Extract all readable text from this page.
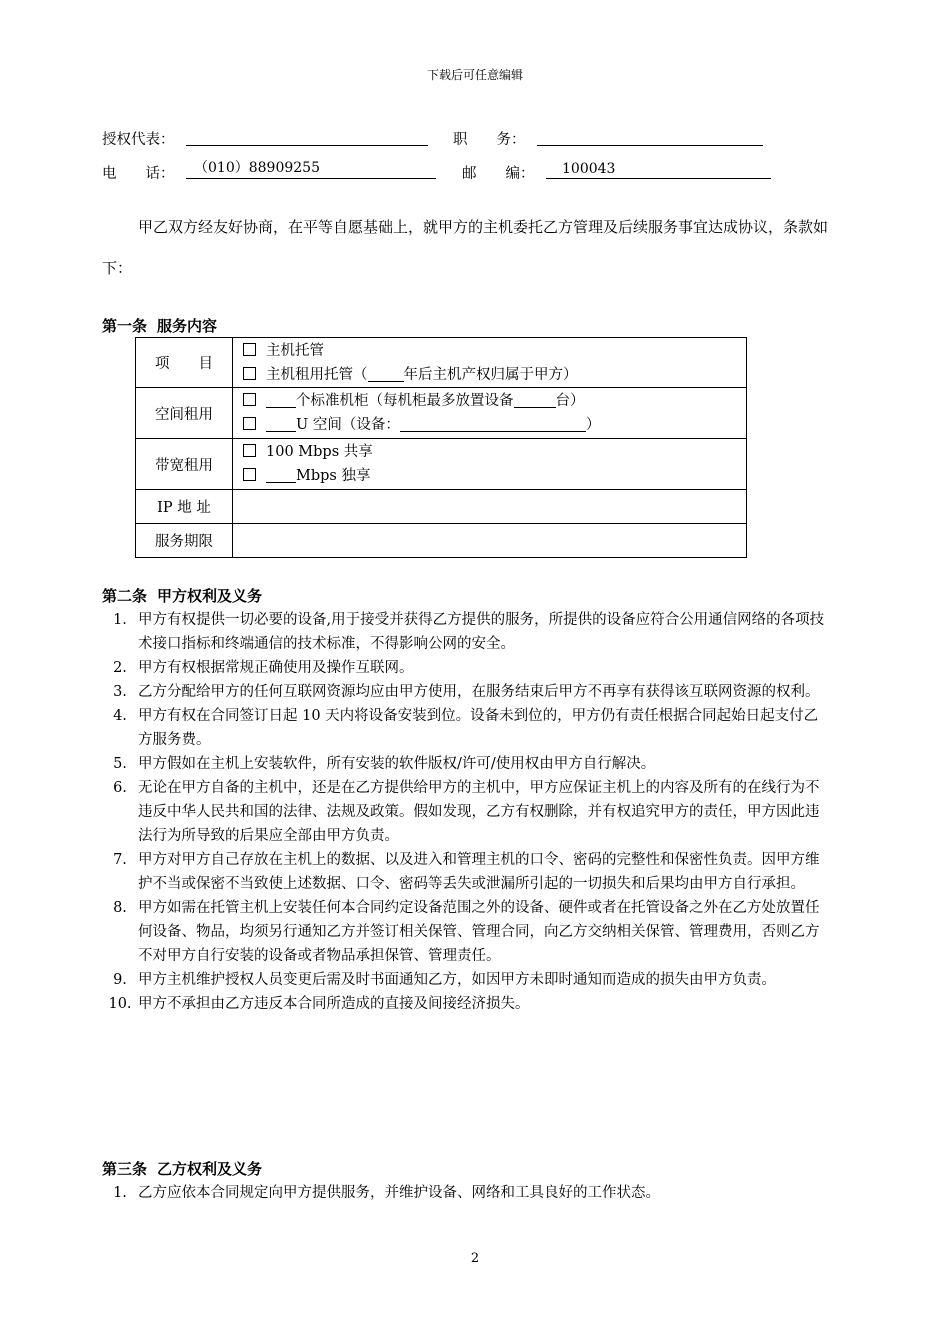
下载后可任意编辑
授权代表：	职　　务：
电　　话： （010）88909255	邮　　编： 100043
甲乙双方经友好协商，在平等自愿基础上，就甲方的主机委托乙方管理及后续服务事宜达成协议，条款如下：
第一条 服务内容
项　　目	主机托管
主机租用托管（ 年后主机产权归属于甲方）

空间租用	个标准机柜（每机柜最多放置设备 台）
U 空间（设备： ）

带宽租用	100 Mbps 共享
Mbps 独享

IP 地 址	
服务期限	
第二条 甲方权利及义务
1. 甲方有权提供一切必要的设备,用于接受并获得乙方提供的服务，所提供的设备应符合公用通信网络的各项技术接口指标和终端通信的技术标准，不得影响公网的安全。
2. 甲方有权根据常规正确使用及操作互联网。
3. 乙方分配给甲方的任何互联网资源均应由甲方使用，在服务结束后甲方不再享有获得该互联网资源的权利。
4. 甲方有权在合同签订日起 10 天内将设备安装到位。设备未到位的，甲方仍有责任根据合同起始日起支付乙方服务费。
5. 甲方假如在主机上安装软件，所有安装的软件版权/许可/使用权由甲方自行解决。
6. 无论在甲方自备的主机中，还是在乙方提供给甲方的主机中，甲方应保证主机上的内容及所有的在线行为不违反中华人民共和国的法律、法规及政策。假如发现，乙方有权删除，并有权追究甲方的责任，甲方因此违法行为所导致的后果应全部由甲方负责。
7. 甲方对甲方自己存放在主机上的数据、以及进入和管理主机的口令、密码的完整性和保密性负责。因甲方维护不当或保密不当致使上述数据、口令、密码等丢失或泄漏所引起的一切损失和后果均由甲方自行承担。
8. 甲方如需在托管主机上安装任何本合同约定设备范围之外的设备、硬件或者在托管设备之外在乙方处放置任何设备、物品，均须另行通知乙方并签订相关保管、管理合同，向乙方交纳相关保管、管理费用，否则乙方不对甲方自行安装的设备或者物品承担保管、管理责任。
9. 甲方主机维护授权人员变更后需及时书面通知乙方，如因甲方未即时通知而造成的损失由甲方负责。
10. 甲方不承担由乙方违反本合同所造成的直接及间接经济损失。
第三条 乙方权利及义务
1. 乙方应依本合同规定向甲方提供服务，并维护设备、网络和工具良好的工作状态。
2
